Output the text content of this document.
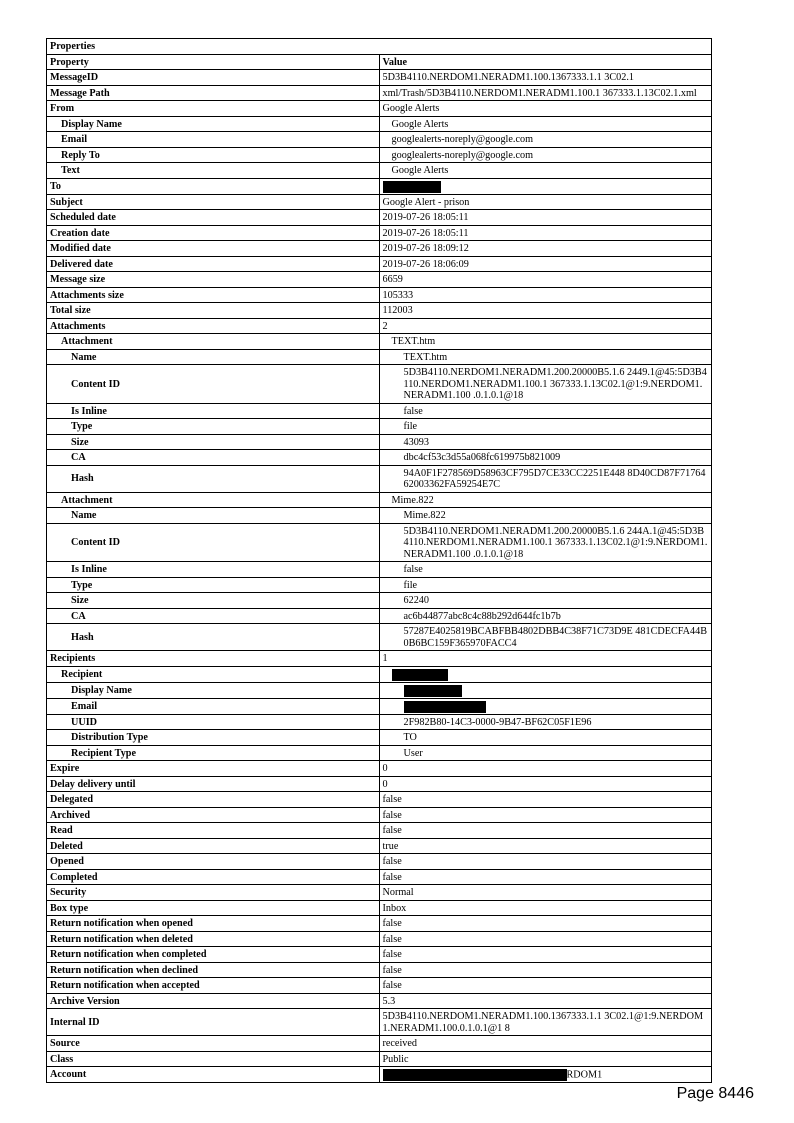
Properties	
Property	Value
MessageID	5D3B4110.NERDOM1.NERADM1.100.1367333.1.1 3C02.1
Message Path	xml/Trash/5D3B4110.NERDOM1.NERADM1.100.1 367333.1.13C02.1.xml
From	Google Alerts
Display Name	Google Alerts
Email	googlealerts-noreply@google.com
Reply To	googlealerts-noreply@google.com
Text	Google Alerts
To	
Subject	Google Alert - prison
Scheduled date	2019-07-26 18:05:11
Creation date	2019-07-26 18:05:11
Modified date	2019-07-26 18:09:12
Delivered date	2019-07-26 18:06:09
Message size	6659
Attachments size	105333
Total size	112003
Attachments	2
Attachment	TEXT.htm
Name	TEXT.htm
Content ID	5D3B4110.NERDOM1.NERADM1.200.20000B5.1.6 2449.1@45:5D3B4110.NERDOM1.NERADM1.100.1 367333.1.13C02.1@1:9.NERDOM1.NERADM1.100 .0.1.0.1@18
Is Inline	false
Type	file
Size	43093
CA	dbc4cf53c3d55a068fc619975b821009
Hash	94A0F1F278569D58963CF795D7CE33CC2251E448 8D40CD87F7176462003362FA59254E7C
Attachment	Mime.822
Name	Mime.822
Content ID	5D3B4110.NERDOM1.NERADM1.200.20000B5.1.6 244A.1@45:5D3B4110.NERDOM1.NERADM1.100.1 367333.1.13C02.1@1:9.NERDOM1.NERADM1.100 .0.1.0.1@18
Is Inline	false
Type	file
Size	62240
CA	ac6b44877abc8c4c88b292d644fc1b7b
Hash	57287E4025819BCABFBB4802DBB4C38F71C73D9E 481CDECFA44B0B6BC159F365970FACC4
Recipients	1
Recipient	
Display Name	
Email	
UUID	2F982B80-14C3-0000-9B47-BF62C05F1E96
Distribution Type	TO
Recipient Type	User
Expire	0
Delay delivery until	0
Delegated	false
Archived	false
Read	false
Deleted	true
Opened	false
Completed	false
Security	Normal
Box type	Inbox
Return notification when opened	false
Return notification when deleted	false
Return notification when completed	false
Return notification when declined	false
Return notification when accepted	false
Archive Version	5.3
Internal ID	5D3B4110.NERDOM1.NERADM1.100.1367333.1.1 3C02.1@1:9.NERDOM1.NERADM1.100.0.1.0.1@1 8
Source	received
Class	Public
Account	RDOM1
Page 8446
